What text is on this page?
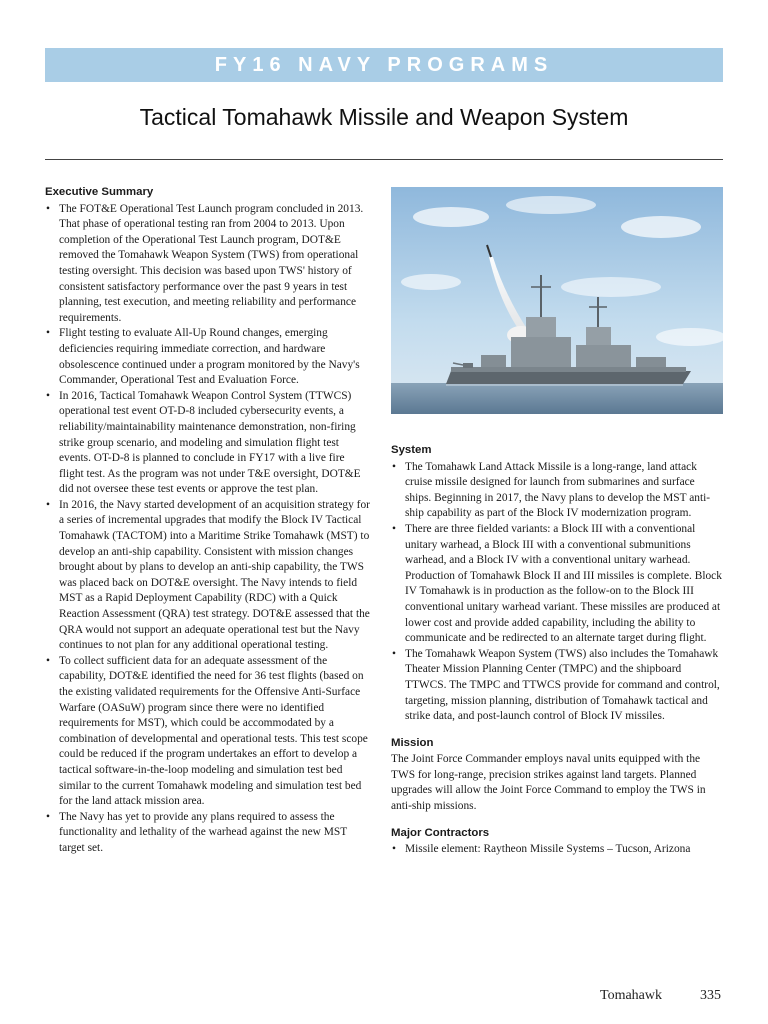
FY16 NAVY PROGRAMS
Tactical Tomahawk Missile and Weapon System
Executive Summary
• The FOT&E Operational Test Launch program concluded in 2013. That phase of operational testing ran from 2004 to 2013. Upon completion of the Operational Test Launch program, DOT&E removed the Tomahawk Weapon System (TWS) from operational testing oversight. This decision was based upon TWS' history of consistent satisfactory performance over the past 9 years in test planning, test execution, and meeting reliability and performance requirements.
• Flight testing to evaluate All-Up Round changes, emerging deficiencies requiring immediate correction, and hardware obsolescence continued under a program monitored by the Navy's Commander, Operational Test and Evaluation Force.
• In 2016, Tactical Tomahawk Weapon Control System (TTWCS) operational test event OT-D-8 included cybersecurity events, a reliability/maintainability maintenance demonstration, non-firing strike group scenario, and modeling and simulation flight test events. OT-D-8 is planned to conclude in FY17 with a live fire flight test. As the program was not under T&E oversight, DOT&E did not oversee these test events or approve the test plan.
• In 2016, the Navy started development of an acquisition strategy for a series of incremental upgrades that modify the Block IV Tactical Tomahawk (TACTOM) into a Maritime Strike Tomahawk (MST) to develop an anti-ship capability. Consistent with mission changes brought about by plans to develop an anti-ship capability, the TWS was placed back on DOT&E oversight. The Navy intends to field MST as a Rapid Deployment Capability (RDC) with a Quick Reaction Assessment (QRA) test strategy. DOT&E assessed that the QRA would not support an adequate operational test but the Navy continues to not plan for any additional operational testing.
• To collect sufficient data for an adequate assessment of the capability, DOT&E identified the need for 36 test flights (based on the existing validated requirements for the Offensive Anti-Surface Warfare (OASuW) program since there were no identified requirements for MST), which could be accommodated by a combination of developmental and operational tests. This test scope could be reduced if the program undertakes an effort to develop a tactical software-in-the-loop modeling and simulation test bed similar to the current Tomahawk modeling and simulation test bed for the land attack mission area.
• The Navy has yet to provide any plans required to assess the functionality and lethality of the warhead against the new MST target set.
System
• The Tomahawk Land Attack Missile is a long-range, land attack cruise missile designed for launch from submarines and surface ships. Beginning in 2017, the Navy plans to develop the MST anti-ship capability as part of the Block IV modernization program.
• There are three fielded variants: a Block III with a conventional unitary warhead, a Block III with a conventional submunitions warhead, and a Block IV with a conventional unitary warhead. Production of Tomahawk Block II and III missiles is complete. Block IV Tomahawk is in production as the follow-on to the Block III conventional unitary warhead variant. These missiles are produced at lower cost and provide added capability, including the ability to communicate and be redirected to an alternate target during flight.
• The Tomahawk Weapon System (TWS) also includes the Tomahawk Theater Mission Planning Center (TMPC) and the shipboard TTWCS. The TMPC and TTWCS provide for command and control, targeting, mission planning, distribution of Tomahawk tactical and strike data, and post-launch control of Block IV missiles.
Mission

The Joint Force Commander employs naval units equipped with the TWS for long-range, precision strikes against land targets. Planned upgrades will allow the Joint Force Command to employ the TWS in anti-ship missions.

Major Contractors
• Missile element: Raytheon Missile Systems – Tucson, Arizona
Tomahawk	335
